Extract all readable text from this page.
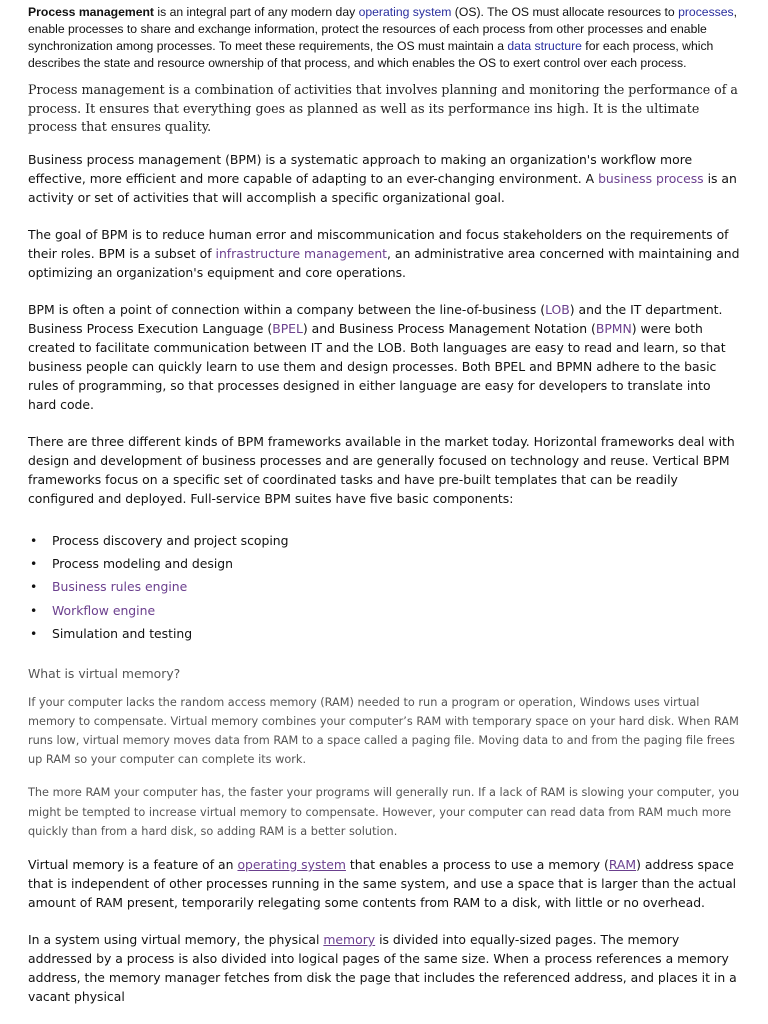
Process management is an integral part of any modern day operating system (OS). The OS must allocate resources to processes, enable processes to share and exchange information, protect the resources of each process from other processes and enable synchronization among processes. To meet these requirements, the OS must maintain a data structure for each process, which describes the state and resource ownership of that process, and which enables the OS to exert control over each process.

Process management is a combination of activities that involves planning and monitoring the performance of a process. It ensures that everything goes as planned as well as its performance ins high. It is the ultimate process that ensures quality.

Business process management (BPM) is a systematic approach to making an organization's workflow more effective, more efficient and more capable of adapting to an ever-changing environment. A business process is an activity or set of activities that will accomplish a specific organizational goal.

The goal of BPM is to reduce human error and miscommunication and focus stakeholders on the requirements of their roles. BPM is a subset of infrastructure management, an administrative area concerned with maintaining and optimizing an organization's equipment and core operations.

BPM is often a point of connection within a company between the line-of-business (LOB) and the IT department. Business Process Execution Language (BPEL) and Business Process Management Notation (BPMN) were both created to facilitate communication between IT and the LOB. Both languages are easy to read and learn, so that business people can quickly learn to use them and design processes. Both BPEL and BPMN adhere to the basic rules of programming, so that processes designed in either language are easy for developers to translate into hard code.

There are three different kinds of BPM frameworks available in the market today. Horizontal frameworks deal with design and development of business processes and are generally focused on technology and reuse. Vertical BPM frameworks focus on a specific set of coordinated tasks and have pre-built templates that can be readily configured and deployed. Full-service BPM suites have five basic components:

• Process discovery and project scoping
• Process modeling and design
• Business rules engine
• Workflow engine
• Simulation and testing
What is virtual memory?

If your computer lacks the random access memory (RAM) needed to run a program or operation, Windows uses virtual memory to compensate. Virtual memory combines your computer’s RAM with temporary space on your hard disk. When RAM runs low, virtual memory moves data from RAM to a space called a paging file. Moving data to and from the paging file frees up RAM so your computer can complete its work.

The more RAM your computer has, the faster your programs will generally run. If a lack of RAM is slowing your computer, you might be tempted to increase virtual memory to compensate. However, your computer can read data from RAM much more quickly than from a hard disk, so adding RAM is a better solution.

Virtual memory is a feature of an operating system that enables a process to use a memory (RAM) address space that is independent of other processes running in the same system, and use a space that is larger than the actual amount of RAM present, temporarily relegating some contents from RAM to a disk, with little or no overhead.

In a system using virtual memory, the physical memory is divided into equally-sized pages. The memory addressed by a process is also divided into logical pages of the same size. When a process references a memory address, the memory manager fetches from disk the page that includes the referenced address, and places it in a vacant physical
